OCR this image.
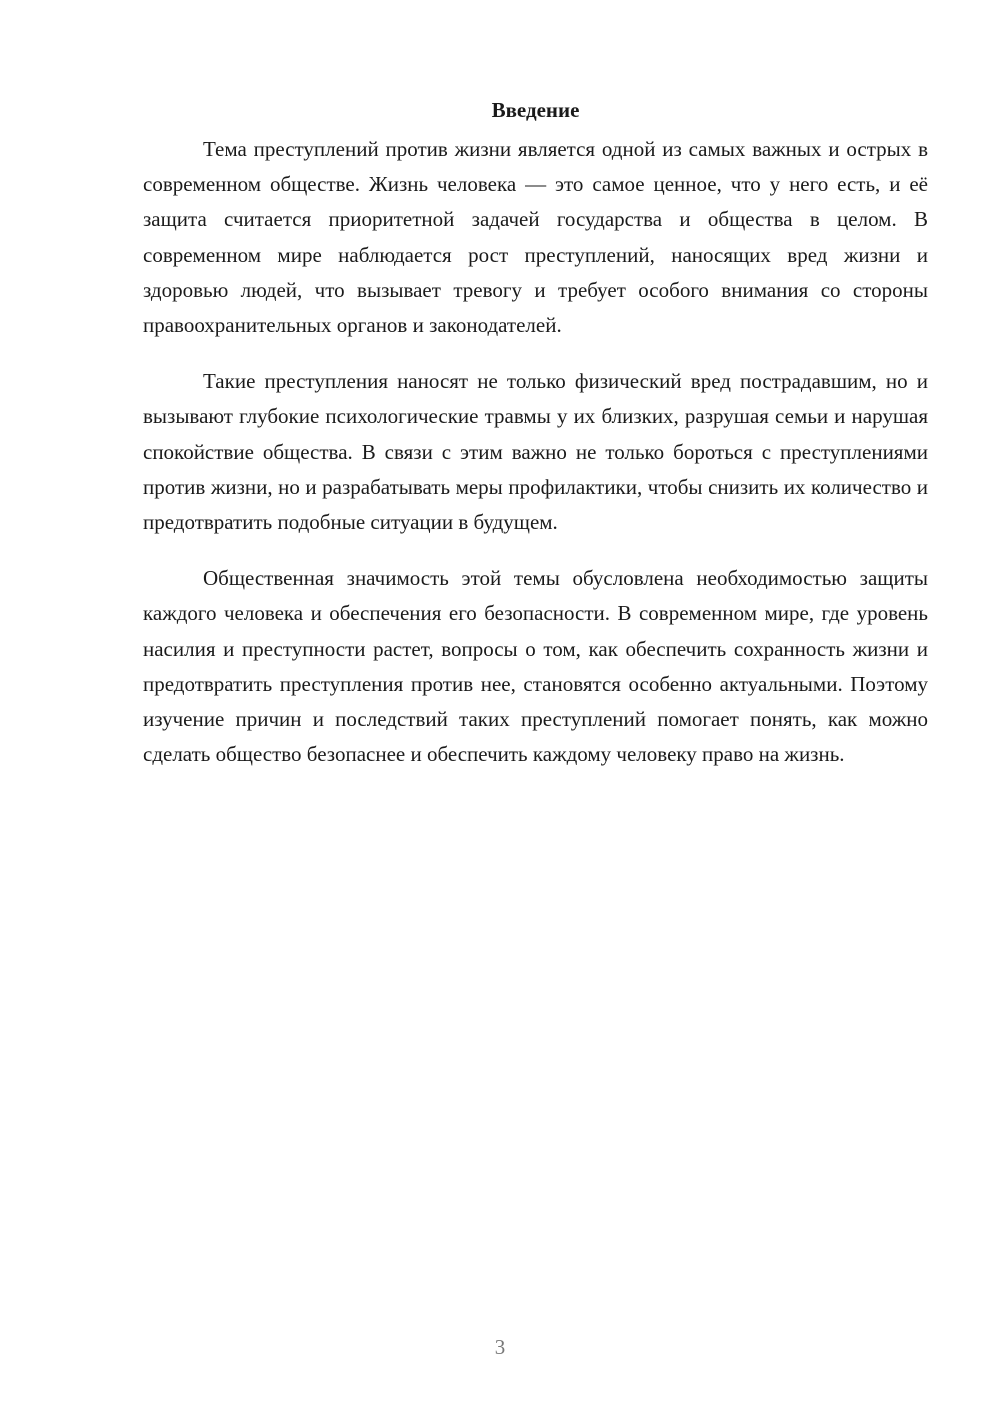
Введение

Тема преступлений против жизни является одной из самых важных и острых в современном обществе. Жизнь человека — это самое ценное, что у него есть, и её защита считается приоритетной задачей государства и общества в целом. В современном мире наблюдается рост преступлений, наносящих вред жизни и здоровью людей, что вызывает тревогу и требует особого внимания со стороны правоохранительных органов и законодателей.

Такие преступления наносят не только физический вред пострадавшим, но и вызывают глубокие психологические травмы у их близких, разрушая семьи и нарушая спокойствие общества. В связи с этим важно не только бороться с преступлениями против жизни, но и разрабатывать меры профилактики, чтобы снизить их количество и предотвратить подобные ситуации в будущем.

Общественная значимость этой темы обусловлена необходимостью защиты каждого человека и обеспечения его безопасности. В современном мире, где уровень насилия и преступности растет, вопросы о том, как обеспечить сохранность жизни и предотвратить преступления против нее, становятся особенно актуальными. Поэтому изучение причин и последствий таких преступлений помогает понять, как можно сделать общество безопаснее и обеспечить каждому человеку право на жизнь.

3
